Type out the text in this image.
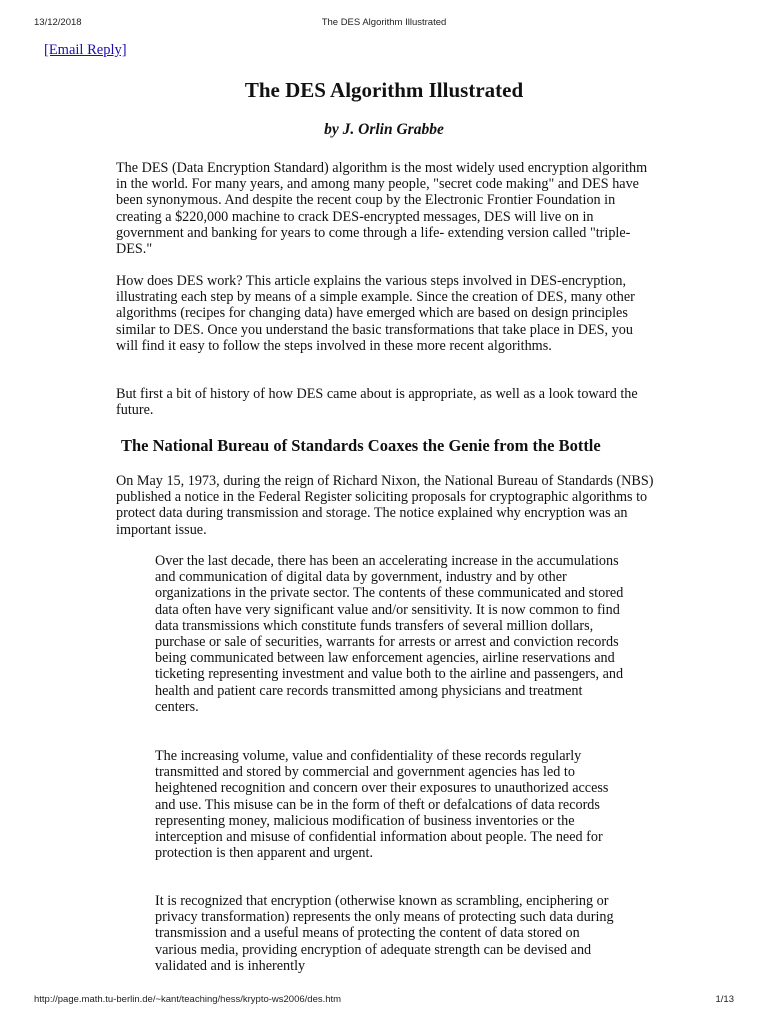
13/12/2018	The DES Algorithm Illustrated
[Email Reply]
The DES Algorithm Illustrated
by J. Orlin Grabbe

The DES (Data Encryption Standard) algorithm is the most widely used encryption algorithm in the world. For many years, and among many people, "secret code making" and DES have been synonymous. And despite the recent coup by the Electronic Frontier Foundation in creating a $220,000 machine to crack DES-encrypted messages, DES will live on in government and banking for years to come through a life- extending version called "triple-DES."

How does DES work? This article explains the various steps involved in DES-encryption, illustrating each step by means of a simple example. Since the creation of DES, many other algorithms (recipes for changing data) have emerged which are based on design principles similar to DES. Once you understand the basic transformations that take place in DES, you will find it easy to follow the steps involved in these more recent algorithms.

But first a bit of history of how DES came about is appropriate, as well as a look toward the future.

The National Bureau of Standards Coaxes the Genie from the Bottle

On May 15, 1973, during the reign of Richard Nixon, the National Bureau of Standards (NBS) published a notice in the Federal Register soliciting proposals for cryptographic algorithms to protect data during transmission and storage. The notice explained why encryption was an important issue.

Over the last decade, there has been an accelerating increase in the accumulations and communication of digital data by government, industry and by other organizations in the private sector. The contents of these communicated and stored data often have very significant value and/or sensitivity. It is now common to find data transmissions which constitute funds transfers of several million dollars, purchase or sale of securities, warrants for arrests or arrest and conviction records being communicated between law enforcement agencies, airline reservations and ticketing representing investment and value both to the airline and passengers, and health and patient care records transmitted among physicians and treatment centers.

The increasing volume, value and confidentiality of these records regularly transmitted and stored by commercial and government agencies has led to heightened recognition and concern over their exposures to unauthorized access and use. This misuse can be in the form of theft or defalcations of data records representing money, malicious modification of business inventories or the interception and misuse of confidential information about people. The need for protection is then apparent and urgent.

It is recognized that encryption (otherwise known as scrambling, enciphering or privacy transformation) represents the only means of protecting such data during transmission and a useful means of protecting the content of data stored on various media, providing encryption of adequate strength can be devised and validated and is inherently

http://page.math.tu-berlin.de/~kant/teaching/hess/krypto-ws2006/des.htm	1/13
